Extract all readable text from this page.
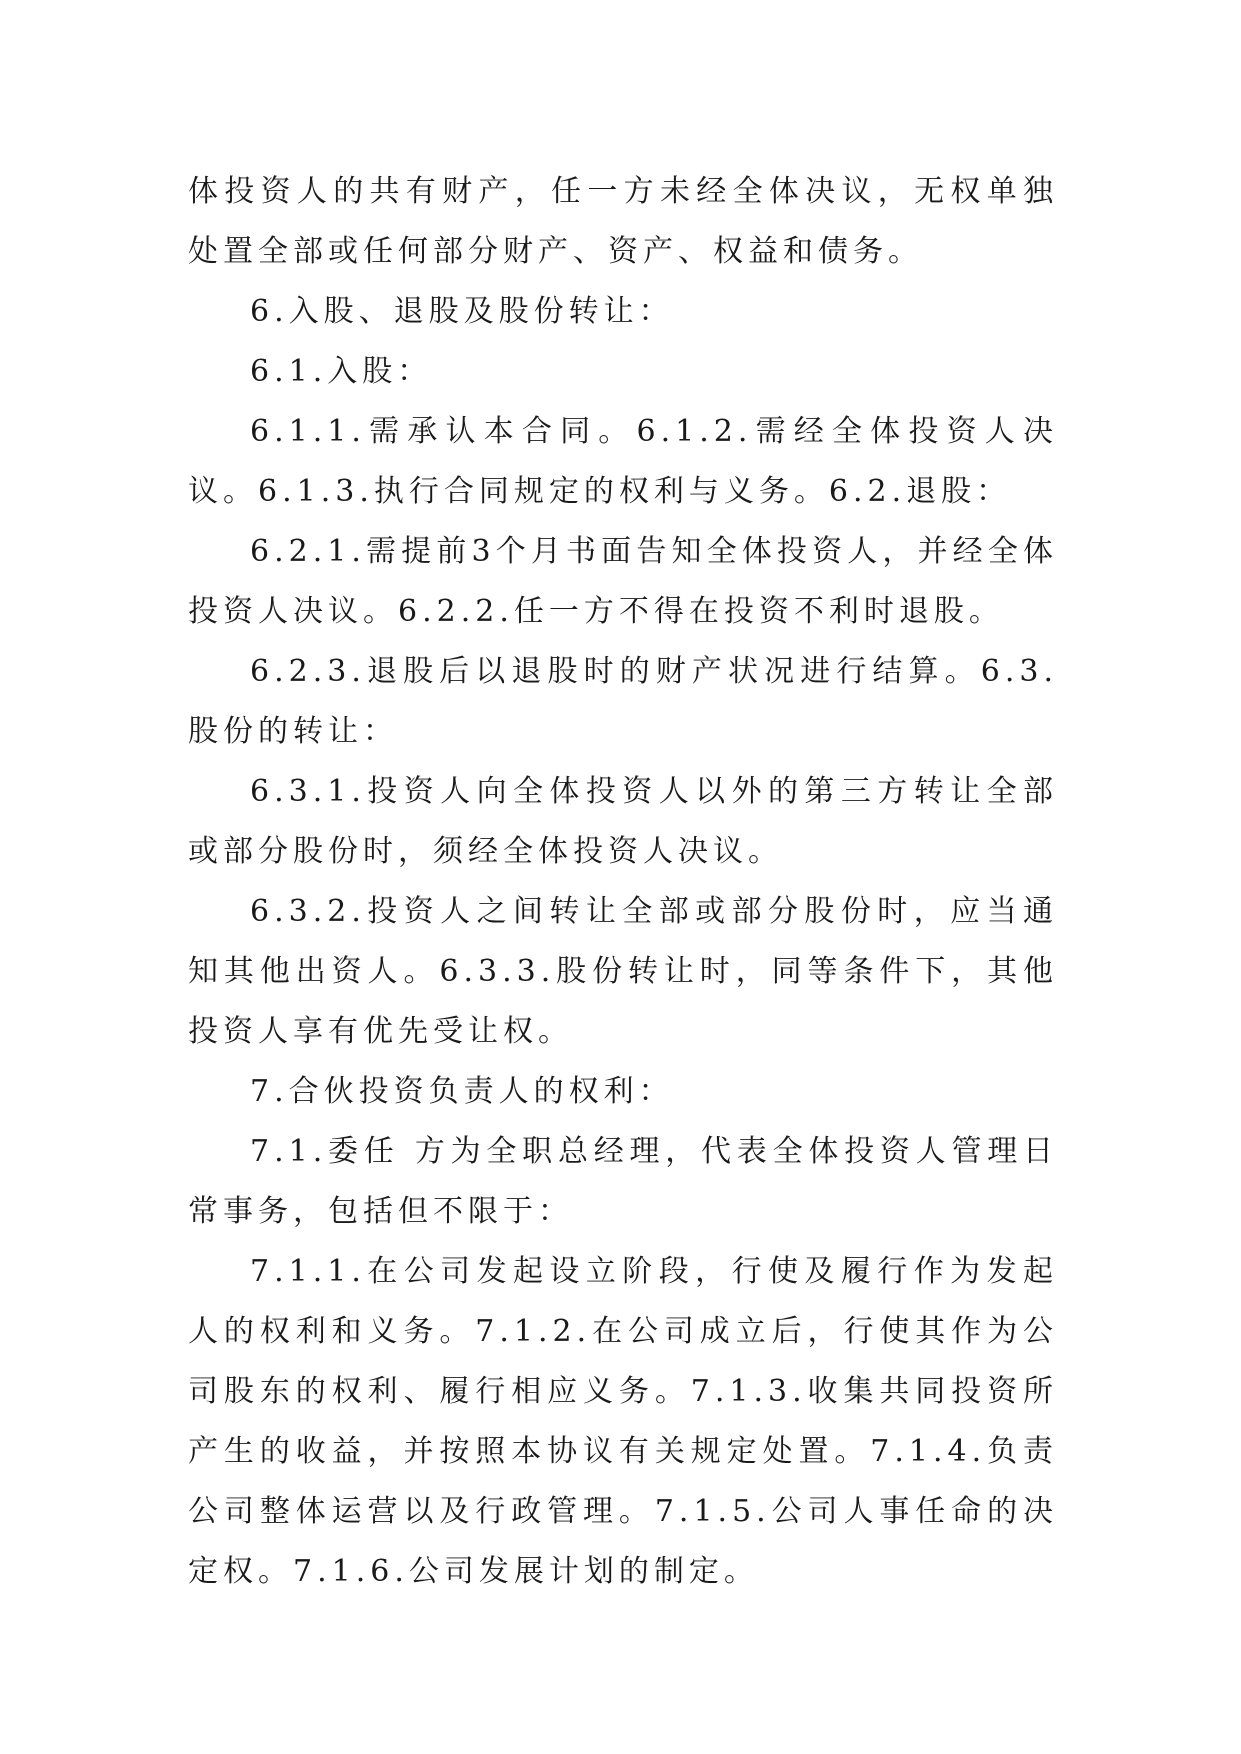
体投资人的共有财产，任一方未经全体决议，无权单独处置全部或任何部分财产、资产、权益和债务。

6.入股、退股及股份转让：

6.1.入股：

6.1.1.需承认本合同。6.1.2.需经全体投资人决议。6.1.3.执行合同规定的权利与义务。6.2.退股：

6.2.1.需提前3个月书面告知全体投资人，并经全体投资人决议。6.2.2.任一方不得在投资不利时退股。

6.2.3.退股后以退股时的财产状况进行结算。6.3.股份的转让：

6.3.1.投资人向全体投资人以外的第三方转让全部或部分股份时，须经全体投资人决议。

6.3.2.投资人之间转让全部或部分股份时，应当通知其他出资人。6.3.3.股份转让时，同等条件下，其他投资人享有优先受让权。

7.合伙投资负责人的权利：

7.1.委任 方为全职总经理，代表全体投资人管理日常事务，包括但不限于：

7.1.1.在公司发起设立阶段，行使及履行作为发起人的权利和义务。7.1.2.在公司成立后，行使其作为公司股东的权利、履行相应义务。7.1.3.收集共同投资所产生的收益，并按照本协议有关规定处置。7.1.4.负责公司整体运营以及行政管理。7.1.5.公司人事任命的决定权。7.1.6.公司发展计划的制定。
